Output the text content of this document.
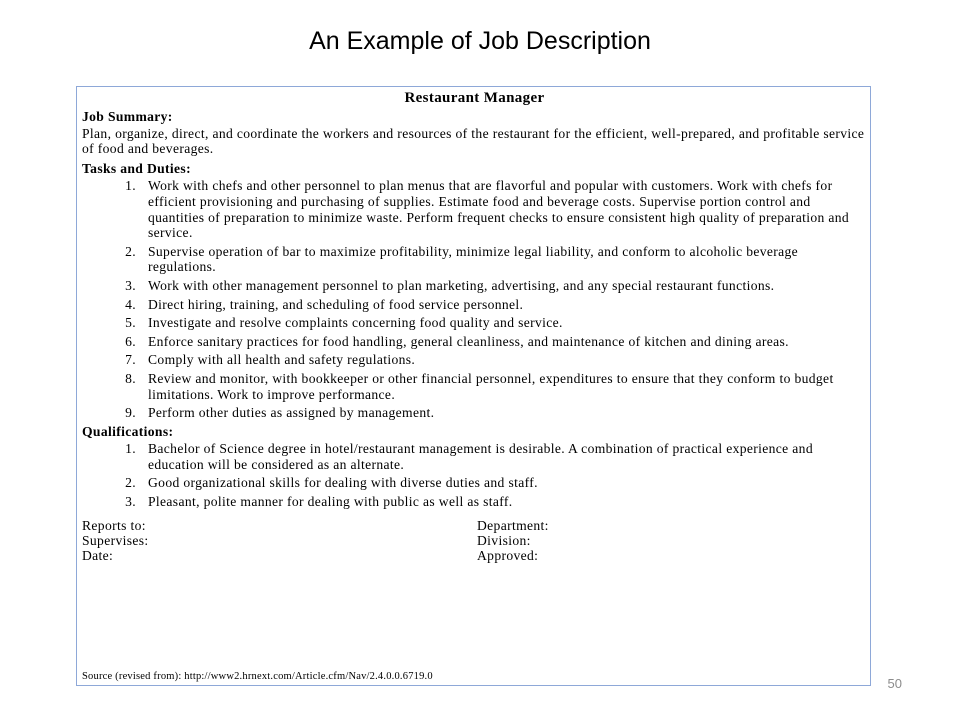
An Example of Job Description
Restaurant Manager
Job Summary:
Plan, organize, direct, and coordinate the workers and resources of the restaurant for the efficient, well-prepared, and profitable service of food and beverages.
Tasks and Duties:
1. Work with chefs and other personnel to plan menus that are flavorful and popular with customers. Work with chefs for efficient provisioning and purchasing of supplies. Estimate food and beverage costs. Supervise portion control and quantities of preparation to minimize waste. Perform frequent checks to ensure consistent high quality of preparation and service.
2. Supervise operation of bar to maximize profitability, minimize legal liability, and conform to alcoholic beverage regulations.
3. Work with other management personnel to plan marketing, advertising, and any special restaurant functions.
4. Direct hiring, training, and scheduling of food service personnel.
5. Investigate and resolve complaints concerning food quality and service.
6. Enforce sanitary practices for food handling, general cleanliness, and maintenance of kitchen and dining areas.
7. Comply with all health and safety regulations.
8. Review and monitor, with bookkeeper or other financial personnel, expenditures to ensure that they conform to budget limitations. Work to improve performance.
9. Perform other duties as assigned by management.
Qualifications:
1. Bachelor of Science degree in hotel/restaurant management is desirable. A combination of practical experience and education will be considered as an alternate.
2. Good organizational skills for dealing with diverse duties and staff.
3. Pleasant, polite manner for dealing with public as well as staff.
Reports to:	Department:
Supervises:	Division:
Date:	Approved:
Source (revised from): http://www2.hrnext.com/Article.cfm/Nav/2.4.0.0.6719.0	50
